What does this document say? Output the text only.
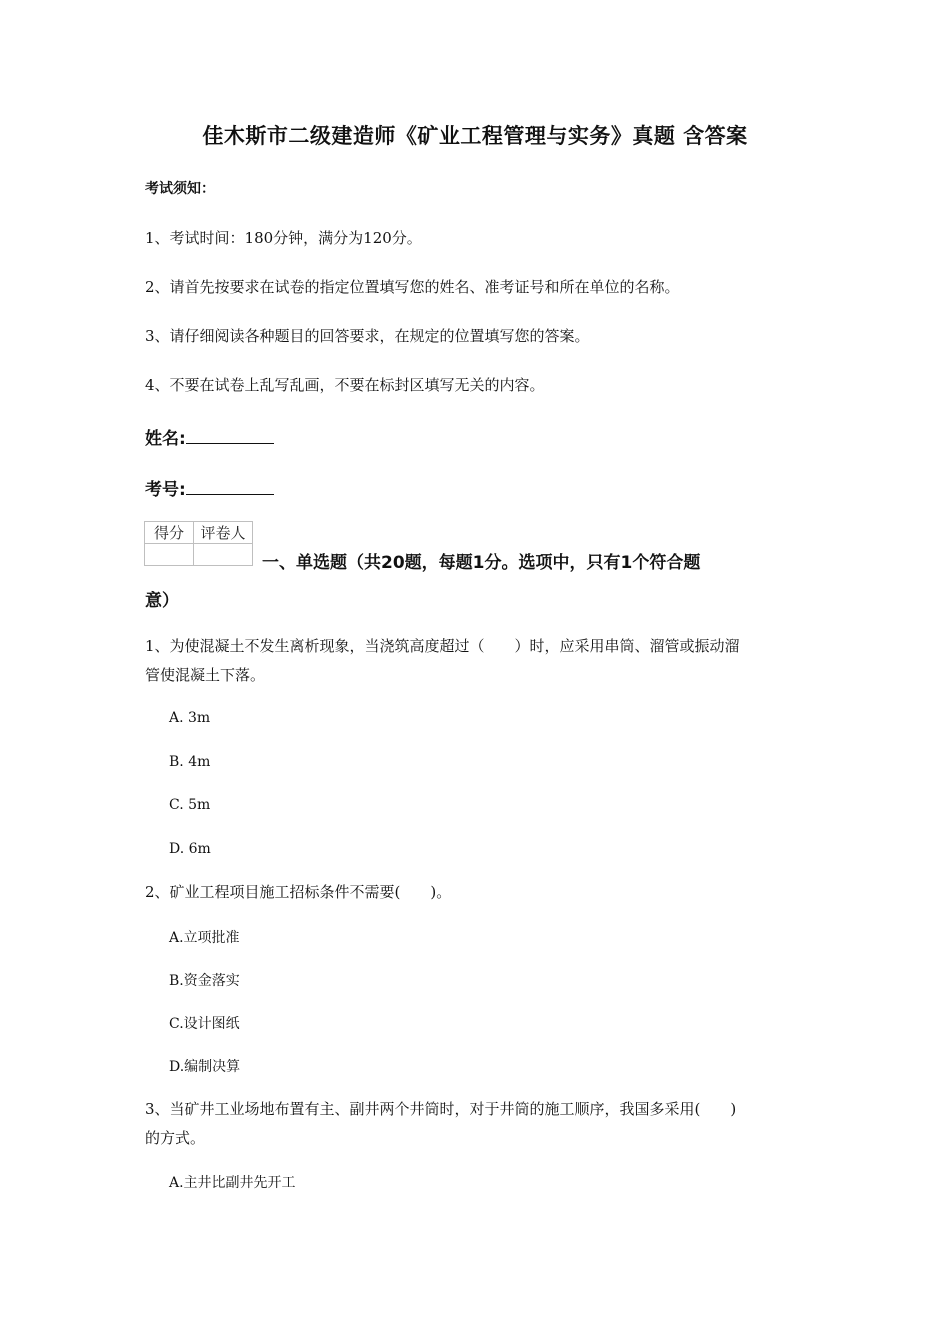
佳木斯市二级建造师《矿业工程管理与实务》真题 含答案
考试须知：
1、考试时间：180分钟，满分为120分。
2、请首先按要求在试卷的指定位置填写您的姓名、准考证号和所在单位的名称。
3、请仔细阅读各种题目的回答要求，在规定的位置填写您的答案。
4、不要在试卷上乱写乱画，不要在标封区填写无关的内容。
姓名:
考号:
得分	评卷人

一、单选题（共20题，每题1分。选项中，只有1个符合题
意）
1、为使混凝土不发生离析现象，当浇筑高度超过（　　）时，应采用串筒、溜管或振动溜
管使混凝土下落。
A. 3m
B. 4m
C. 5m
D. 6m
2、矿业工程项目施工招标条件不需要(　　)。
A.立项批准
B.资金落实
C.设计图纸
D.编制决算
3、当矿井工业场地布置有主、副井两个井筒时，对于井筒的施工顺序，我国多采用(　　)
的方式。
A.主井比副井先开工
